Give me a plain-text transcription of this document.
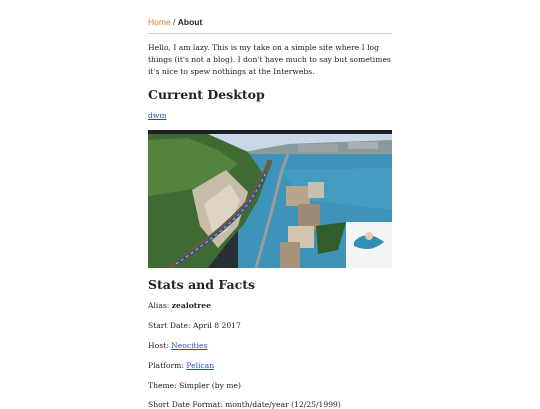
Home / About

Hello, I am lazy. This is my take on a simple site where I log things (it's not a blog). I don't have much to say but sometimes it's nice to spew nothings at the Interwebs.

Current Desktop
dwm
Stats and Facts

Alias: zealotree

Start Date: April 8 2017

Host: Neocities

Platform: Pelican

Theme: Simpler (by me)

Short Date Format: month/date/year (12/25/1999)
